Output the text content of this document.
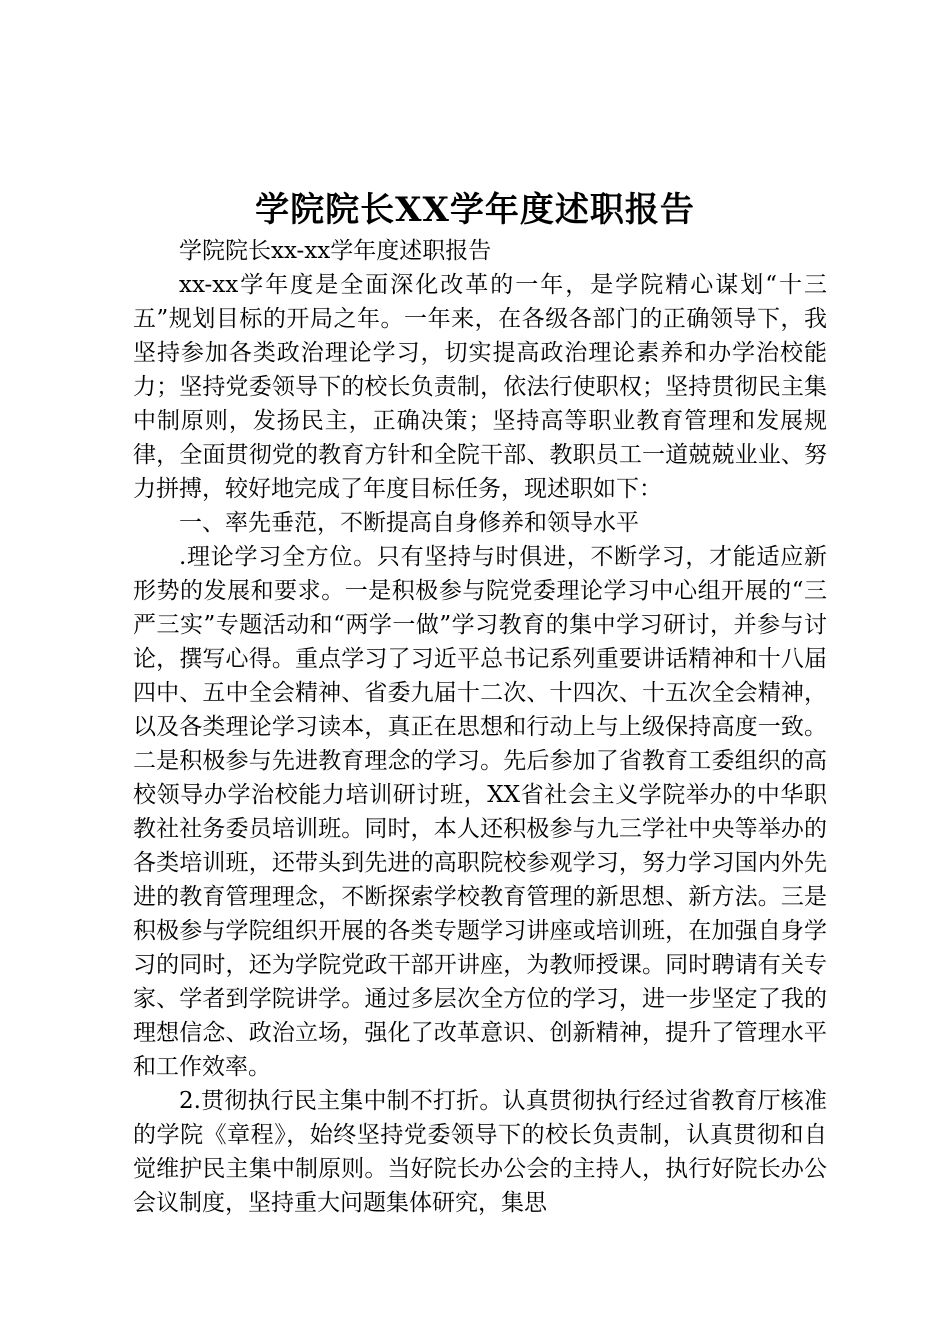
学院院长XX学年度述职报告

学院院长xx-xx学年度述职报告

xx-xx学年度是全面深化改革的一年，是学院精心谋划“十三五”规划目标的开局之年。一年来，在各级各部门的正确领导下，我坚持参加各类政治理论学习，切实提高政治理论素养和办学治校能力；坚持党委领导下的校长负责制，依法行使职权；坚持贯彻民主集中制原则，发扬民主，正确决策；坚持高等职业教育管理和发展规律，全面贯彻党的教育方针和全院干部、教职员工一道兢兢业业、努力拼搏，较好地完成了年度目标任务，现述职如下：

一、率先垂范，不断提高自身修养和领导水平

.理论学习全方位。只有坚持与时俱进，不断学习，才能适应新形势的发展和要求。一是积极参与院党委理论学习中心组开展的“三严三实”专题活动和“两学一做”学习教育的集中学习研讨，并参与讨论，撰写心得。重点学习了习近平总书记系列重要讲话精神和十八届四中、五中全会精神、省委九届十二次、十四次、十五次全会精神，以及各类理论学习读本，真正在思想和行动上与上级保持高度一致。二是积极参与先进教育理念的学习。先后参加了省教育工委组织的高校领导办学治校能力培训研讨班，XX省社会主义学院举办的中华职教社社务委员培训班。同时，本人还积极参与九三学社中央等举办的各类培训班，还带头到先进的高职院校参观学习，努力学习国内外先进的教育管理理念，不断探索学校教育管理的新思想、新方法。三是积极参与学院组织开展的各类专题学习讲座或培训班，在加强自身学习的同时，还为学院党政干部开讲座，为教师授课。同时聘请有关专家、学者到学院讲学。通过多层次全方位的学习，进一步坚定了我的理想信念、政治立场，强化了改革意识、创新精神，提升了管理水平和工作效率。

2.贯彻执行民主集中制不打折。认真贯彻执行经过省教育厅核准的学院《章程》，始终坚持党委领导下的校长负责制，认真贯彻和自觉维护民主集中制原则。当好院长办公会的主持人，执行好院长办公会议制度，坚持重大问题集体研究，集思
